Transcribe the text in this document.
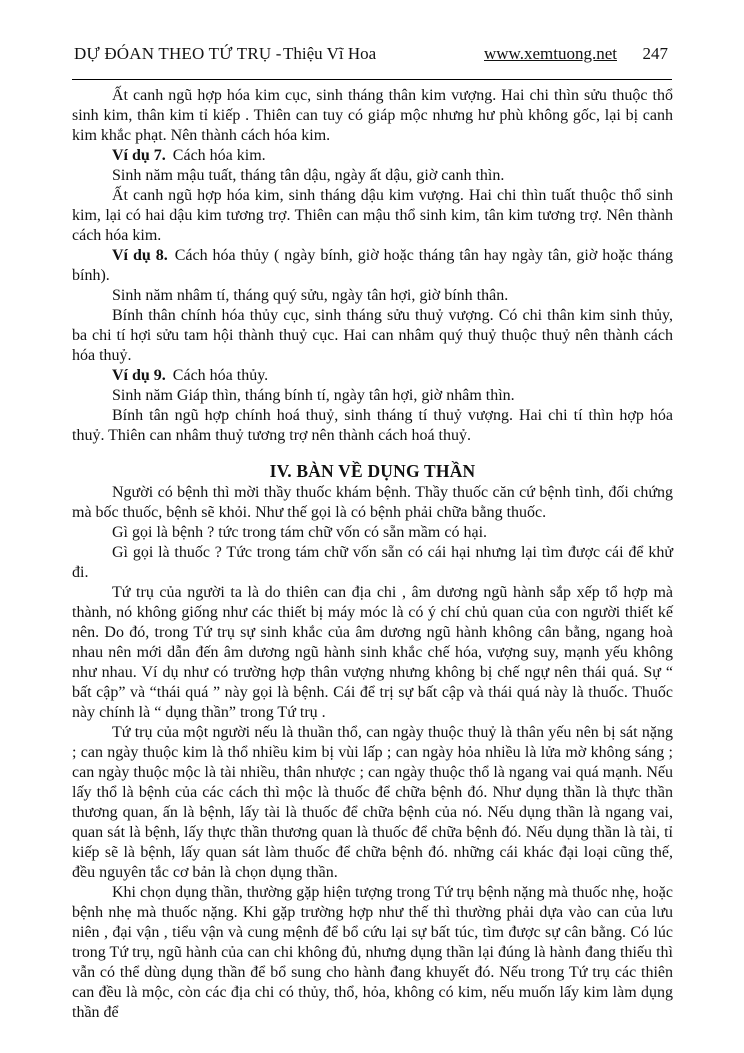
DỰ ĐÓAN THEO TỨ TRỤ - Thiệu Vĩ Hoa	www.xemtuong.net 247

Ất canh ngũ hợp hóa kim cục, sinh tháng thân kim vượng. Hai chi thìn sửu thuộc thổ sinh kim, thân kim tỉ kiếp . Thiên can tuy có giáp mộc nhưng hư phù không gốc, lại bị canh kim khắc phạt. Nên thành cách hóa kim.

Ví dụ 7. Cách hóa kim.

Sinh năm mậu tuất, tháng tân dậu, ngày ất dậu, giờ canh thìn.

Ất canh ngũ hợp hóa kim, sinh tháng dậu kim vượng. Hai chi thìn tuất thuộc thổ sinh kim, lại có hai dậu kim tương trợ. Thiên can mậu thổ sinh kim, tân kim tương trợ. Nên thành cách hóa kim.

Ví dụ 8. Cách hóa thủy ( ngày bính, giờ hoặc tháng tân hay ngày tân, giờ hoặc tháng bính).

Sinh năm nhâm tí, tháng quý sửu, ngày tân hợi, giờ bính thân.

Bính thân chính hóa thủy cục, sinh tháng sửu thuỷ vượng. Có chi thân kim sinh thủy, ba chi tí hợi sửu tam hội thành thuỷ cục. Hai can nhâm quý thuỷ thuộc thuỷ nên thành cách hóa thuỷ.

Ví dụ 9. Cách hóa thủy.

Sinh năm Giáp thìn, tháng bính tí, ngày tân hợi, giờ nhâm thìn.

Bính tân ngũ hợp chính hoá thuỷ, sinh tháng tí thuỷ vượng. Hai chi tí thìn hợp hóa thuỷ. Thiên can nhâm thuỷ tương trợ nên thành cách hoá thuỷ.

IV. BÀN VỀ DỤNG THẦN

Người có bệnh thì mời thầy thuốc khám bệnh. Thầy thuốc căn cứ bệnh tình, đối chứng mà bốc thuốc, bệnh sẽ khỏi. Như thế gọi là có bệnh phải chữa bằng thuốc.

Gì gọi là bệnh ? tức trong tám chữ vốn có sẵn mầm có hại.

Gì gọi là thuốc ? Tức trong tám chữ vốn sẵn có cái hại nhưng lại tìm được cái để khử đi.

Tứ trụ của người ta là do thiên can địa chi , âm dương ngũ hành sắp xếp tổ hợp mà thành, nó không giống như các thiết bị máy móc là có ý chí chủ quan của con người thiết kế nên. Do đó, trong Tứ trụ sự sinh khắc của âm dương ngũ hành không cân bằng, ngang hoà nhau nên mới dẫn đến âm dương ngũ hành sinh khắc chế hóa, vượng suy, mạnh yếu không như nhau. Ví dụ như có trường hợp thân vượng nhưng không bị chế ngự nên thái quá. Sự “ bất cập” và “thái quá ” này gọi là bệnh. Cái để trị sự bất cập và thái quá này là thuốc. Thuốc này chính là “ dụng thần” trong Tứ trụ .

Tứ trụ của một người nếu là thuần thổ, can ngày thuộc thuỷ là thân yếu nên bị sát nặng ; can ngày thuộc kim là thổ nhiều kim bị vùi lấp ; can ngày hỏa nhiều là lửa mờ không sáng ; can ngày thuộc mộc là tài nhiều, thân nhược ; can ngày thuộc thổ là ngang vai quá mạnh. Nếu lấy thổ là bệnh của các cách thì mộc là thuốc để chữa bệnh đó. Như dụng thần là thực thần thương quan, ấn là bệnh, lấy tài là thuốc để chữa bệnh của nó. Nếu dụng thần là ngang vai, quan sát là bệnh, lấy thực thần thương quan là thuốc để chữa bệnh đó. Nếu dụng thần là tài, tỉ kiếp sẽ là bệnh, lấy quan sát làm thuốc để chữa bệnh đó. những cái khác đại loại cũng thế, đều nguyên tắc cơ bản là chọn dụng thần.

Khi chọn dụng thần, thường gặp hiện tượng trong Tứ trụ bệnh nặng mà thuốc nhẹ, hoặc bệnh nhẹ mà thuốc nặng. Khi gặp trường hợp như thế thì thường phải dựa vào can của lưu niên , đại vận , tiểu vận và cung mệnh để bổ cứu lại sự bất túc, tìm được sự cân bằng. Có lúc trong Tứ trụ, ngũ hành của can chi không đủ, nhưng dụng thần lại đúng là hành đang thiếu thì vẫn có thể dùng dụng thần để bổ sung cho hành đang khuyết đó. Nếu trong Tứ trụ các thiên can đều là mộc, còn các địa chi có thủy, thổ, hỏa, không có kim, nếu muốn lấy kim làm dụng thần để
